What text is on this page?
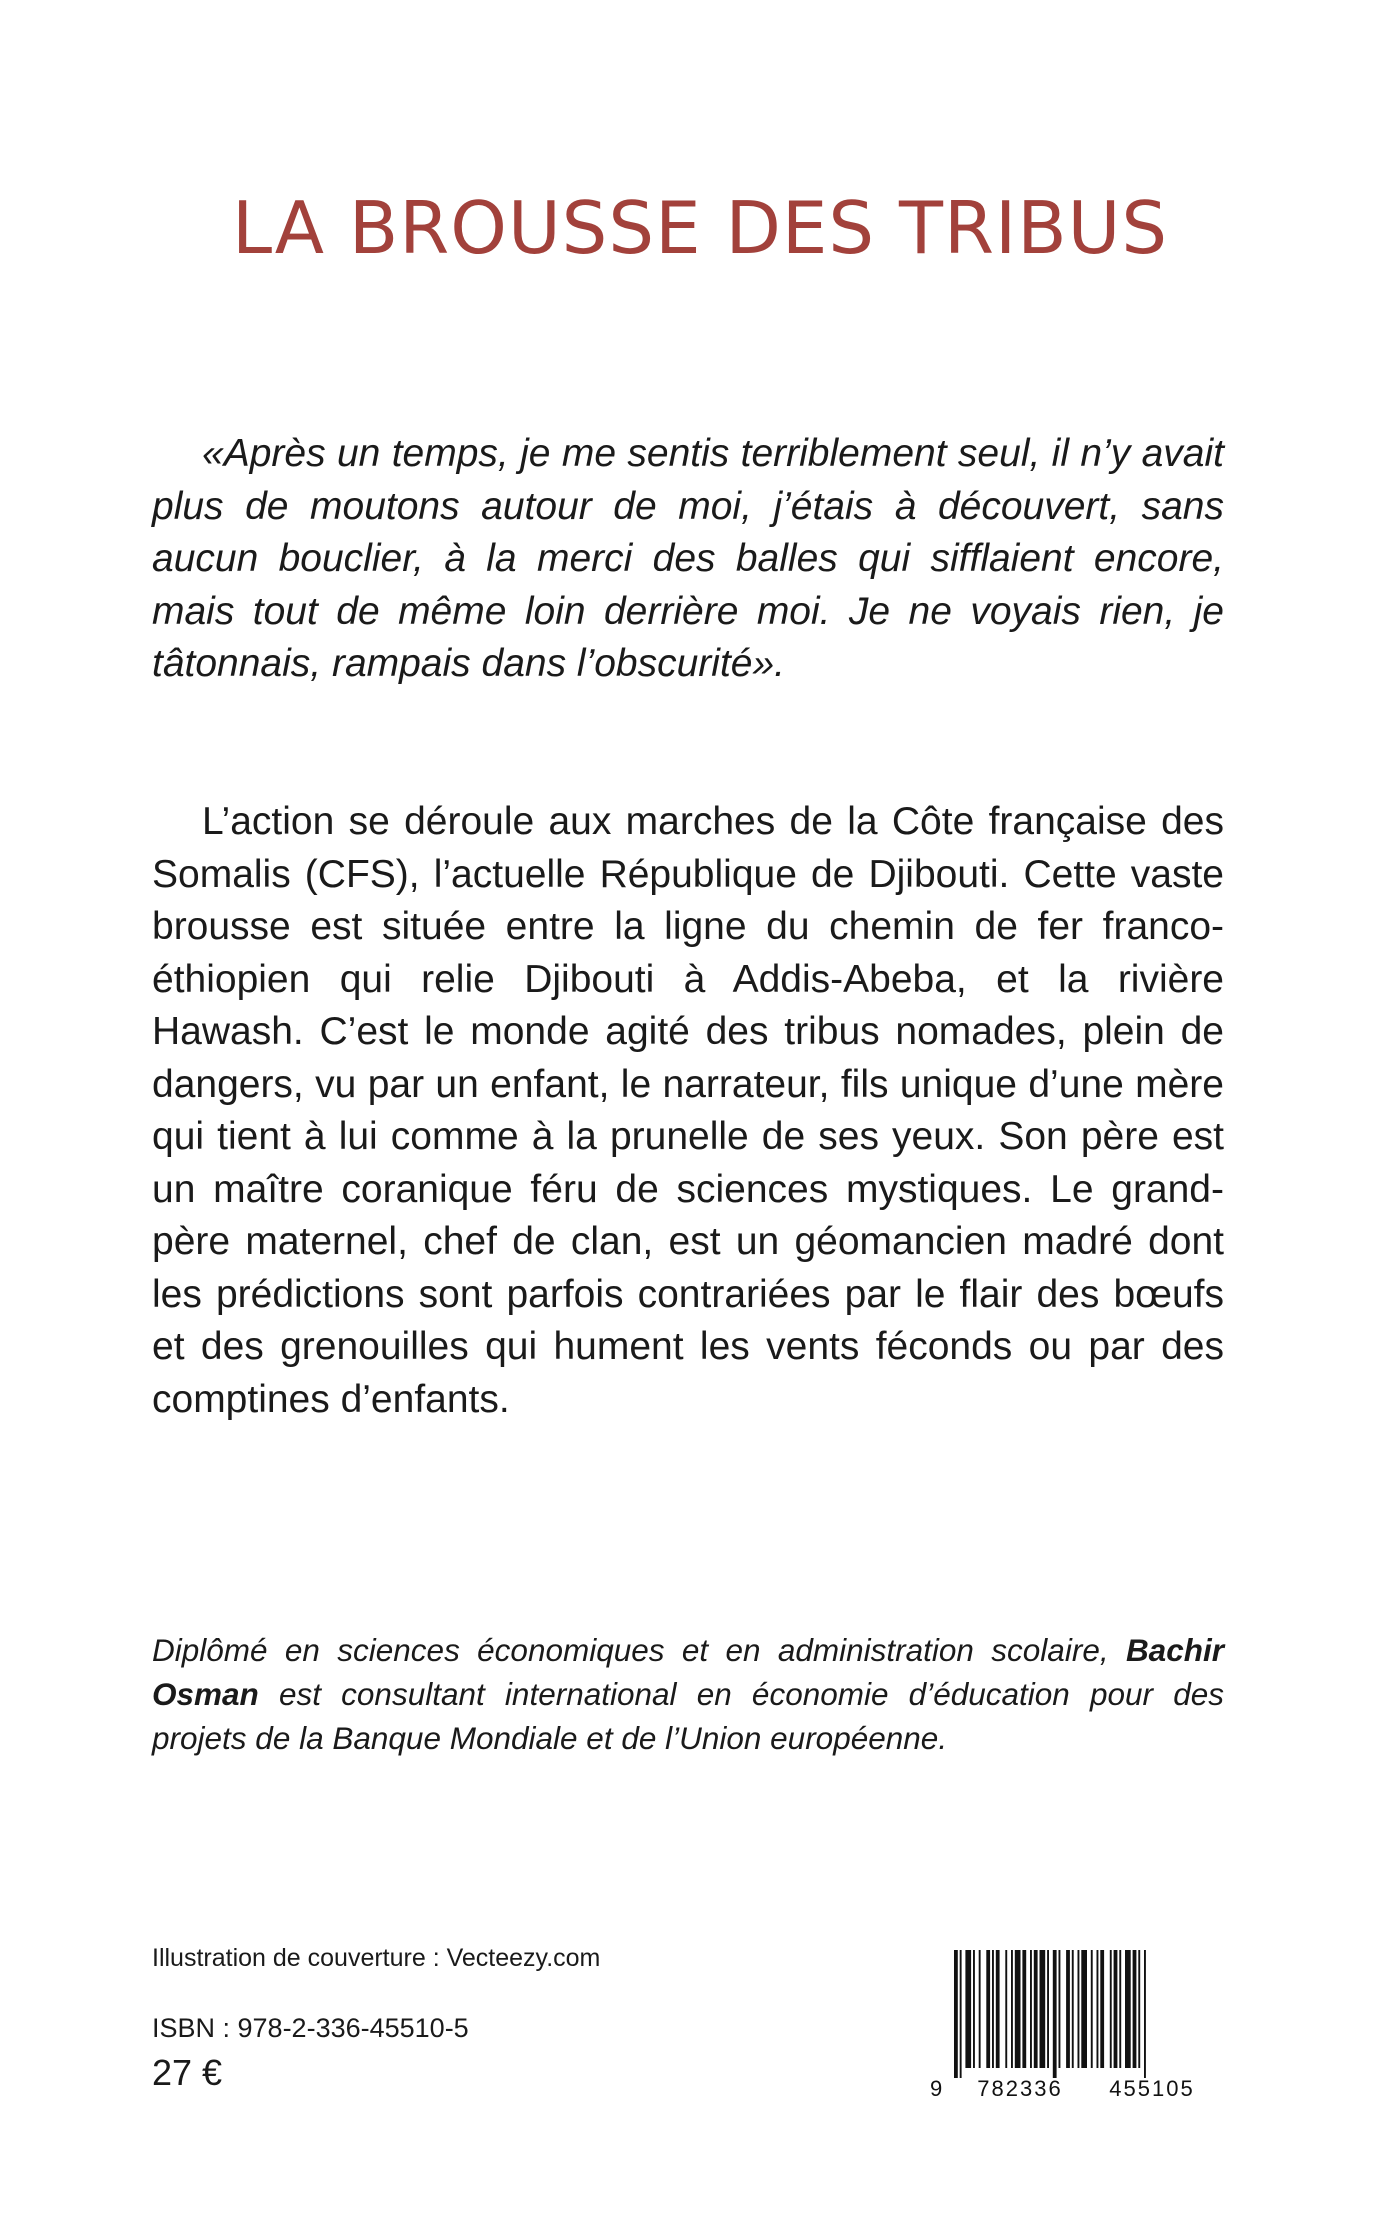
LA BROUSSE DES TRIBUS

«Après un temps, je me sentis terriblement seul, il n’y avait plus de moutons autour de moi, j’étais à découvert, sans aucun bouclier, à la merci des balles qui sifflaient encore, mais tout de même loin derrière moi. Je ne voyais rien, je tâtonnais, rampais dans l’obscurité».

L’action se déroule aux marches de la Côte française des Somalis (CFS), l’actuelle République de Djibouti. Cette vaste brousse est située entre la ligne du chemin de fer franco-éthiopien qui relie Djibouti à Addis-Abeba, et la rivière Hawash. C’est le monde agité des tribus nomades, plein de dangers, vu par un enfant, le narrateur, fils unique d’une mère qui tient à lui comme à la prunelle de ses yeux. Son père est un maître coranique féru de sciences mystiques. Le grand-père maternel, chef de clan, est un géomancien madré dont les prédictions sont parfois contrariées par le flair des bœufs et des grenouilles qui hument les vents féconds ou par des comptines d’enfants.

Diplômé en sciences économiques et en administration scolaire, Bachir Osman est consultant international en économie d’éducation pour des projets de la Banque Mondiale et de l’Union européenne.

Illustration de couverture : Vecteezy.com

ISBN : 978-2-336-45510-5

27 €	9 782336 455105
